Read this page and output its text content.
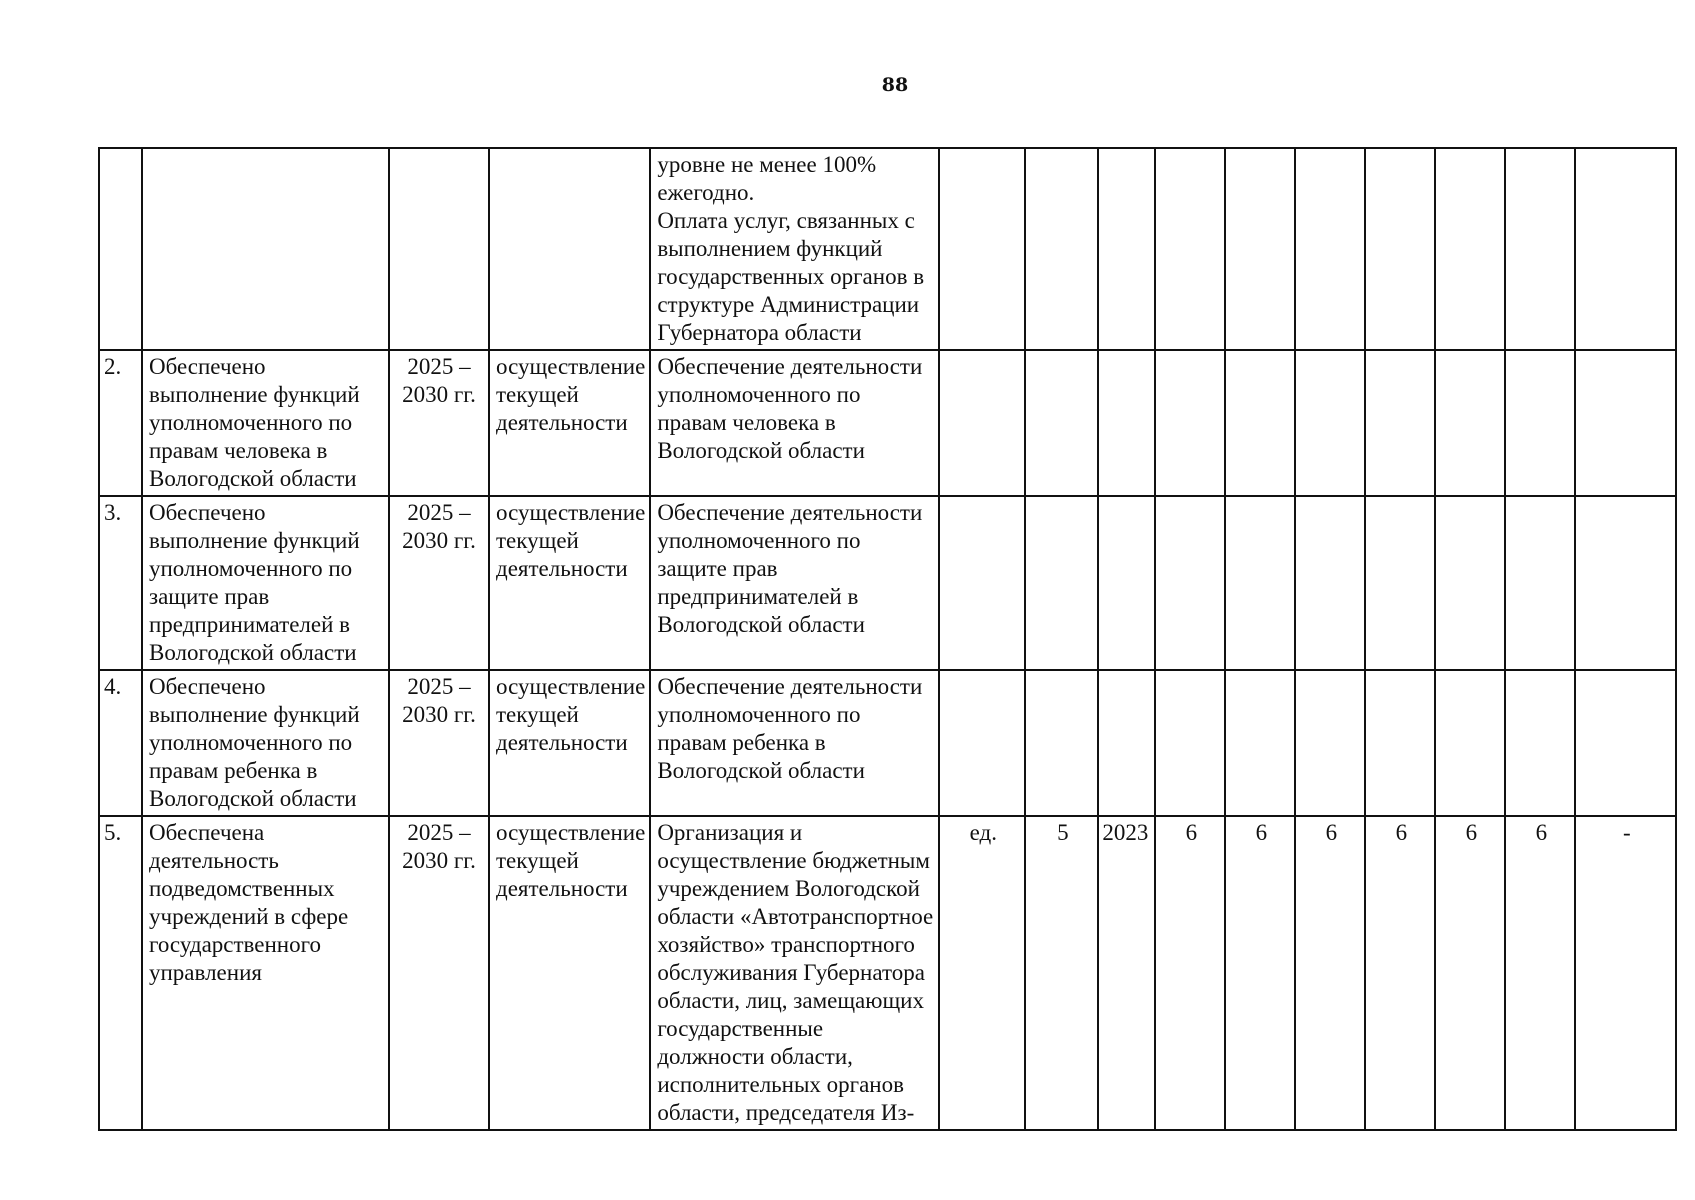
88
				уровне не менее 100% ежегодно.
Оплата услуг, связанных с выполнением функций государственных органов в структуре Администрации Губернатора области										
2.	Обеспечено выполнение функций уполномоченного по правам человека в Вологодской области	2025 – 2030 гг.	осуществление текущей деятельности	Обеспечение деятельности уполномоченного по правам человека в Вологодской области										
3.	Обеспечено выполнение функций уполномоченного по защите прав предпринимателей в Вологодской области	2025 – 2030 гг.	осуществление текущей деятельности	Обеспечение деятельности уполномоченного по защите прав предпринимателей в Вологодской области										
4.	Обеспечено выполнение функций уполномоченного по правам ребенка в Вологодской области	2025 – 2030 гг.	осуществление текущей деятельности	Обеспечение деятельности уполномоченного по правам ребенка в Вологодской области										
5.	Обеспечена деятельность подведомственных учреждений в сфере государственного управления	2025 – 2030 гг.	осуществление текущей деятельности	Организация и осуществление бюджетным учреждением Вологодской области «Автотранспортное хозяйство» транспортного обслуживания Губернатора области, лиц, замещающих государственные должности области, исполнительных органов области, председателя Из-	ед.	5	2023	6	6	6	6	6	6	-
